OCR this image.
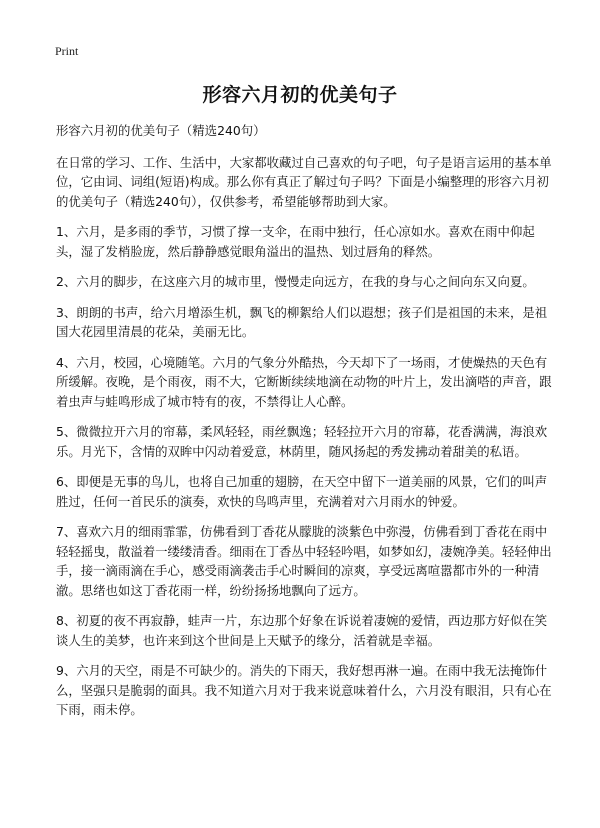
Print
形容六月初的优美句子

形容六月初的优美句子（精选240句）

在日常的学习、工作、生活中，大家都收藏过自己喜欢的句子吧，句子是语言运用的基本单位，它由词、词组(短语)构成。那么你有真正了解过句子吗？下面是小编整理的形容六月初的优美句子（精选240句），仅供参考，希望能够帮助到大家。

1、六月，是多雨的季节，习惯了撑一支伞，在雨中独行，任心凉如水。喜欢在雨中仰起头，湿了发梢脸庞，然后静静感觉眼角溢出的温热、划过唇角的释然。

2、六月的脚步，在这座六月的城市里，慢慢走向远方，在我的身与心之间向东又向夏。

3、朗朗的书声，给六月增添生机，飘飞的柳絮给人们以遐想；孩子们是祖国的未来，是祖国大花园里清晨的花朵，美丽无比。

4、六月，校园，心境随笔。六月的气象分外酷热，今天却下了一场雨，才使燥热的天色有所缓解。夜晚，是个雨夜，雨不大，它断断续续地滴在动物的叶片上，发出滴嗒的声音，跟着虫声与蛙鸣形成了城市特有的夜，不禁得让人心醉。

5、微微拉开六月的帘幕，柔风轻轻，雨丝飘逸；轻轻拉开六月的帘幕，花香满满，海浪欢乐。月光下，含情的双眸中闪动着爱意，林荫里，随风扬起的秀发拂动着甜美的私语。

6、即便是无事的鸟儿，也将自己加重的翅膀，在天空中留下一道美丽的风景，它们的叫声胜过，任何一首民乐的演奏，欢快的鸟鸣声里，充满着对六月雨水的钟爱。

7、喜欢六月的细雨霏霏，仿佛看到丁香花从朦胧的淡紫色中弥漫，仿佛看到丁香花在雨中轻轻摇曳，散溢着一缕缕清香。细雨在丁香丛中轻轻吟唱，如梦如幻，凄婉净美。轻轻伸出手，接一滴雨滴在手心，感受雨滴袭击手心时瞬间的凉爽，享受远离喧嚣都市外的一种清澈。思绪也如这丁香花雨一样，纷纷扬扬地飘向了远方。

8、初夏的夜不再寂静，蛙声一片，东边那个好象在诉说着凄婉的爱情，西边那方好似在笑谈人生的美梦，也许来到这个世间是上天赋予的缘分，活着就是幸福。

9、六月的天空，雨是不可缺少的。消失的下雨天，我好想再淋一遍。在雨中我无法掩饰什么，坚强只是脆弱的面具。我不知道六月对于我来说意味着什么，六月没有眼泪，只有心在下雨，雨未停。
